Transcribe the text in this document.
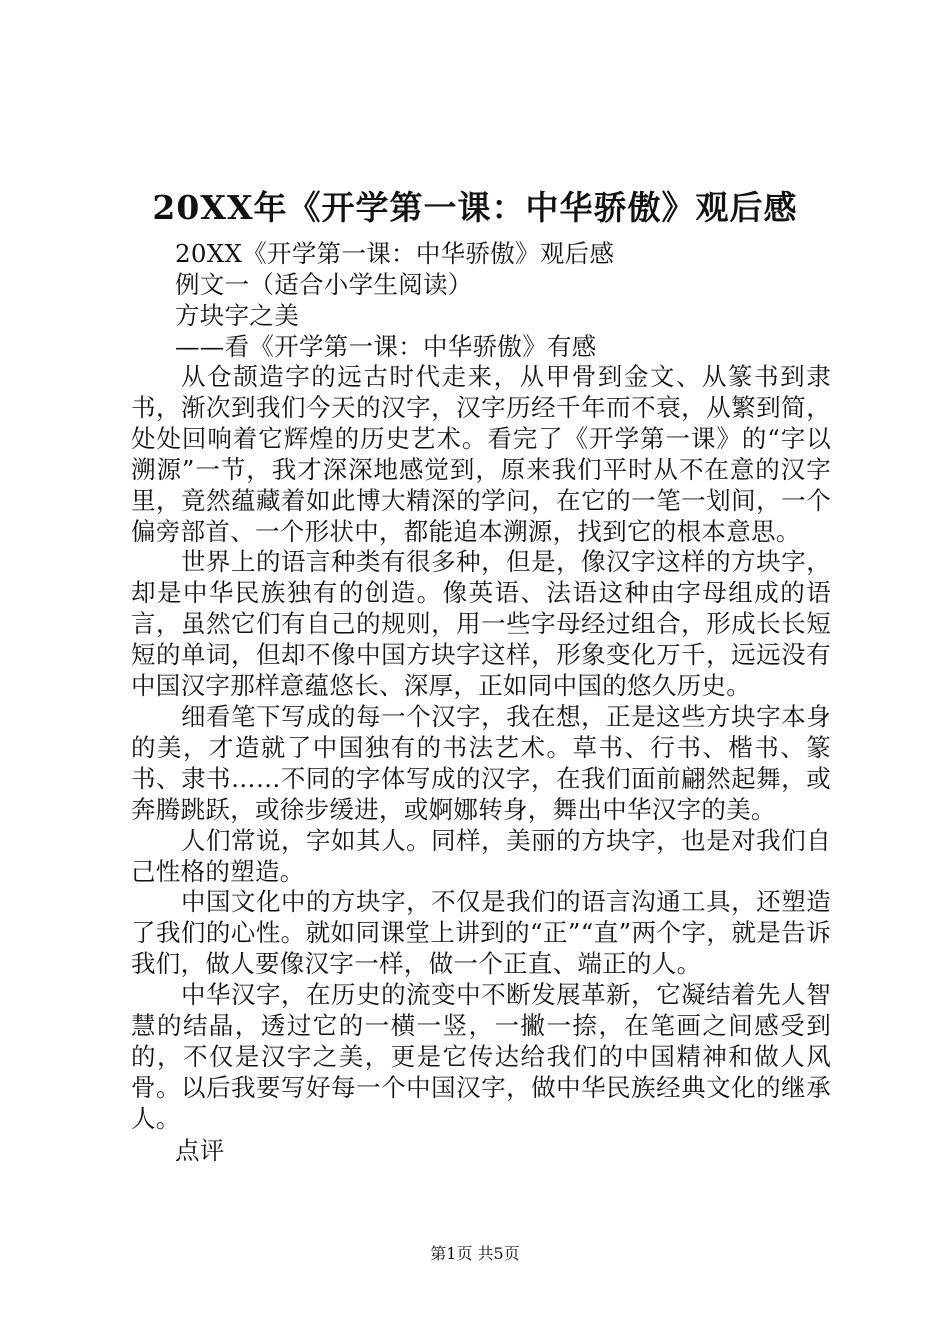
20XX年《开学第一课：中华骄傲》观后感
20XX《开学第一课：中华骄傲》观后感
例文一（适合小学生阅读）
方块字之美
——看《开学第一课：中华骄傲》有感

从仓颉造字的远古时代走来，从甲骨到金文、从篆书到隶书，渐次到我们今天的汉字，汉字历经千年而不衰，从繁到简，处处回响着它辉煌的历史艺术。看完了《开学第一课》的“字以溯源”一节，我才深深地感觉到，原来我们平时从不在意的汉字里，竟然蕴藏着如此博大精深的学问，在它的一笔一划间，一个偏旁部首、一个形状中，都能追本溯源，找到它的根本意思。

世界上的语言种类有很多种，但是，像汉字这样的方块字，却是中华民族独有的创造。像英语、法语这种由字母组成的语言，虽然它们有自己的规则，用一些字母经过组合，形成长长短短的单词，但却不像中国方块字这样，形象变化万千，远远没有中国汉字那样意蕴悠长、深厚，正如同中国的悠久历史。

细看笔下写成的每一个汉字，我在想，正是这些方块字本身的美，才造就了中国独有的书法艺术。草书、行书、楷书、篆书、隶书……不同的字体写成的汉字，在我们面前翩然起舞，或奔腾跳跃，或徐步缓进，或婀娜转身，舞出中华汉字的美。

人们常说，字如其人。同样，美丽的方块字，也是对我们自己性格的塑造。

中国文化中的方块字，不仅是我们的语言沟通工具，还塑造了我们的心性。就如同课堂上讲到的“正”“直”两个字，就是告诉我们，做人要像汉字一样，做一个正直、端正的人。

中华汉字，在历史的流变中不断发展革新，它凝结着先人智慧的结晶，透过它的一横一竖，一撇一捺，在笔画之间感受到的，不仅是汉字之美，更是它传达给我们的中国精神和做人风骨。以后我要写好每一个中国汉字，做中华民族经典文化的继承人。

点评
第1页 共5页
